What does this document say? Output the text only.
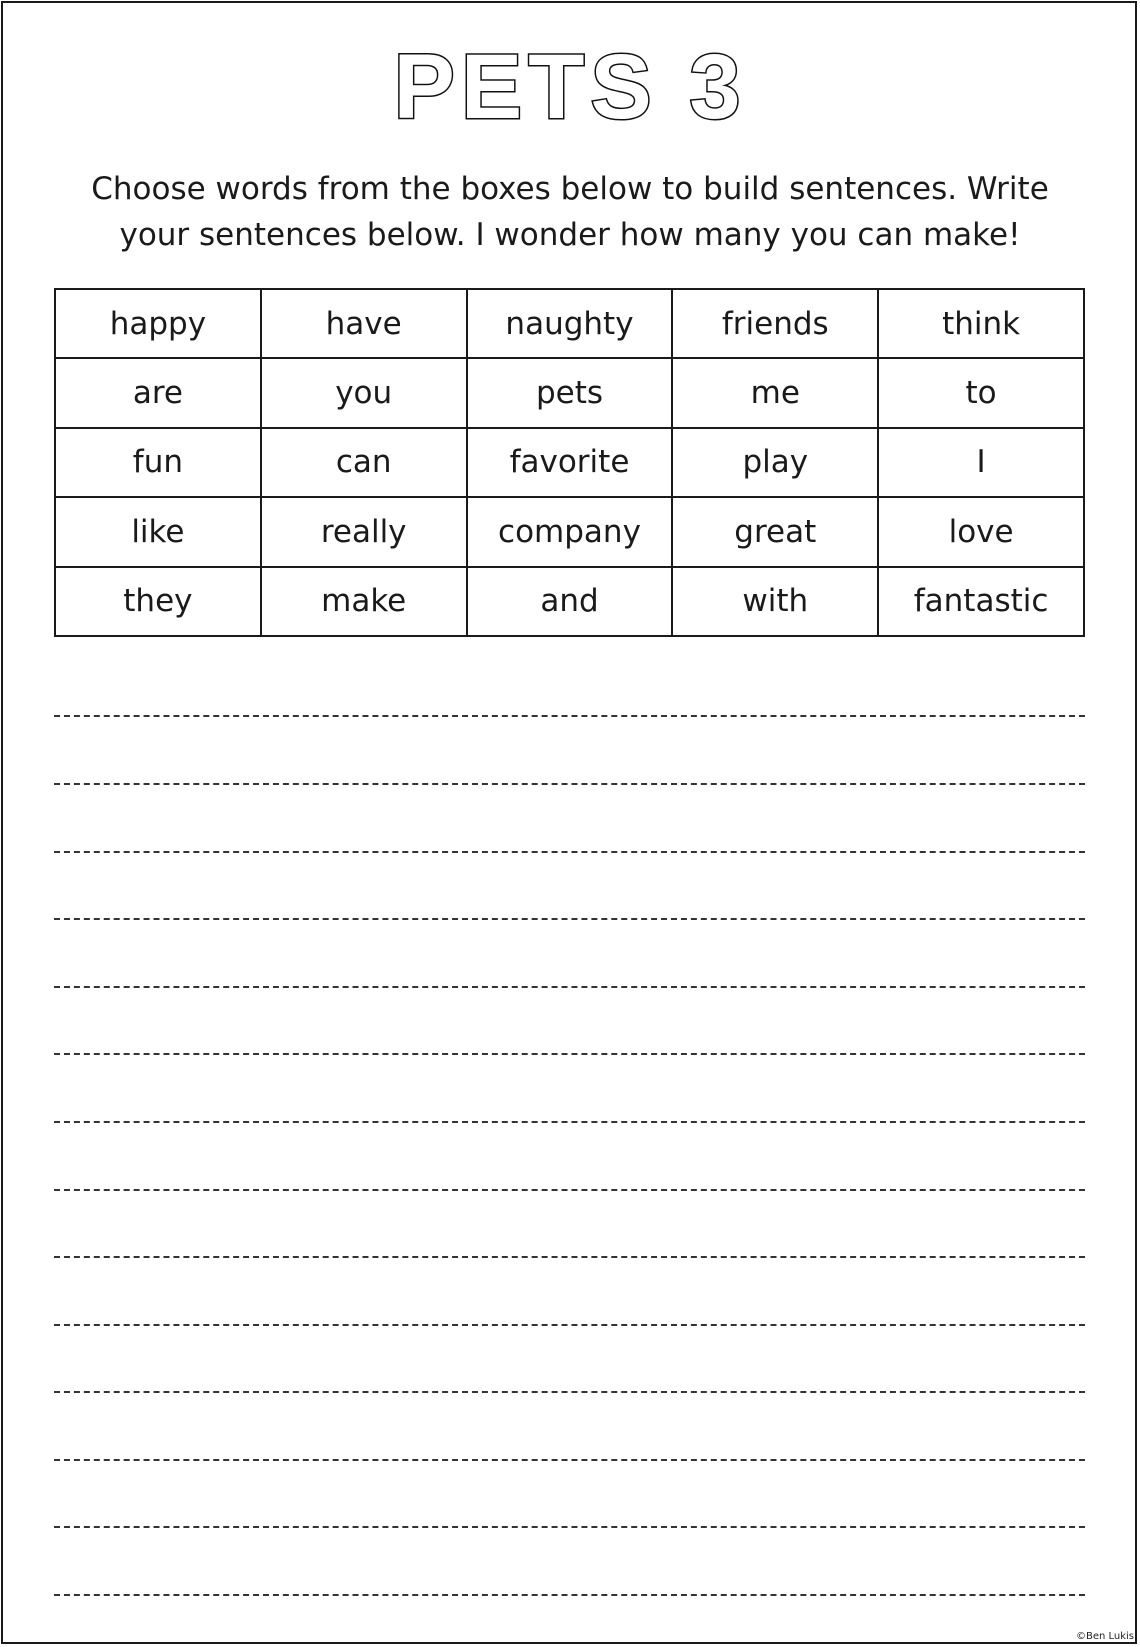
PETS 3
Choose words from the boxes below to build sentences. Write
your sentences below. I wonder how many you can make!
happy	have	naughty	friends	think
are	you	pets	me	to
fun	can	favorite	play	I
like	really	company	great	love
they	make	and	with	fantastic
©Ben Lukis
